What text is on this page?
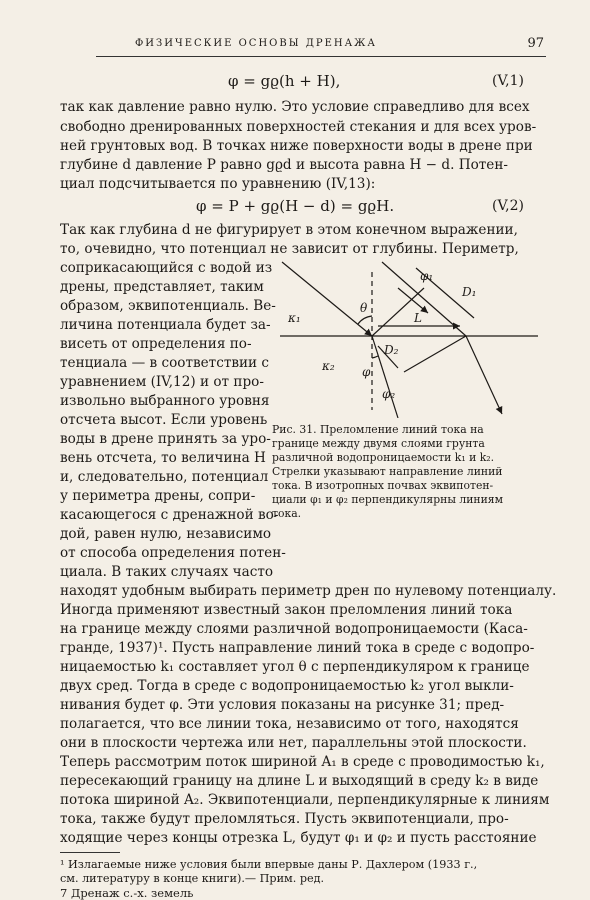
ФИЗИЧЕСКИЕ ОСНОВЫ ДРЕНАЖА	97
φ = gϱ(h + H),	(V,1)
так как давление равно нулю. Это условие справедливо для всех
свободно дренированных поверхностей стекания и для всех уров-
ней грунтовых вод. В точках ниже поверхности воды в дрене при
глубине d давление P равно gϱd и высота равна H − d. Потен-
циал подсчитывается по уравнению (IV,13):
φ = P + gϱ(H − d) = gϱH.	(V,2)
Так как глубина d не фигурирует в этом конечном выражении,
то, очевидно, что потенциал не зависит от глубины. Периметр,
соприкасающийся с водой из
дрены, представляет, таким
образом, эквипотенциаль. Ве-
личина потенциала будет за-
висеть от определения по-
тенциала — в соответствии с
уравнением (IV,12) и от про-
извольно выбранного уровня
отсчета высот. Если уровень
воды в дрене принять за уро-
вень отсчета, то величина H
и, следовательно, потенциал
у периметра дрены, сопри-
касающегося с дренажной во-
дой, равен нулю, независимо
от способа определения потен-
циала. В таких случаях часто
находят удобным выбирать периметр дрен по нулевому потенциалу.
φ₁
D₁
θ
κ₁	L
D₂
κ₂ φ
φ₂
Рис. 31. Преломление линий тока на
границе между двумя слоями грунта
различной водопроницаемости k₁ и k₂.
Стрелки указывают направление линий
тока. В изотропных почвах эквипотен-
циали φ₁ и φ₂ перпендикулярны линиям
тока.
Иногда применяют известный закон преломления линий тока
на границе между слоями различной водопроницаемости (Каса-
гранде, 1937)¹. Пусть направление линий тока в среде с водопро-
ницаемостью k₁ составляет угол θ с перпендикуляром к границе
двух сред. Тогда в среде с водопроницаемостью k₂ угол выкли-
нивания будет φ. Эти условия показаны на рисунке 31; пред-
полагается, что все линии тока, независимо от того, находятся
они в плоскости чертежа или нет, параллельны этой плоскости.
Теперь рассмотрим поток шириной A₁ в среде с проводимостью k₁,
пересекающий границу на длине L и выходящий в среду k₂ в виде
потока шириной A₂. Эквипотенциали, перпендикулярные к линиям
тока, также будут преломляться. Пусть эквипотенциали, про-
ходящие через концы отрезка L, будут φ₁ и φ₂ и пусть расстояние
¹ Излагаемые ниже условия были впервые даны Р. Дахлером (1933 г.,
см. литературу в конце книги).— Прим. ред.
7 Дренаж с.-х. земель
